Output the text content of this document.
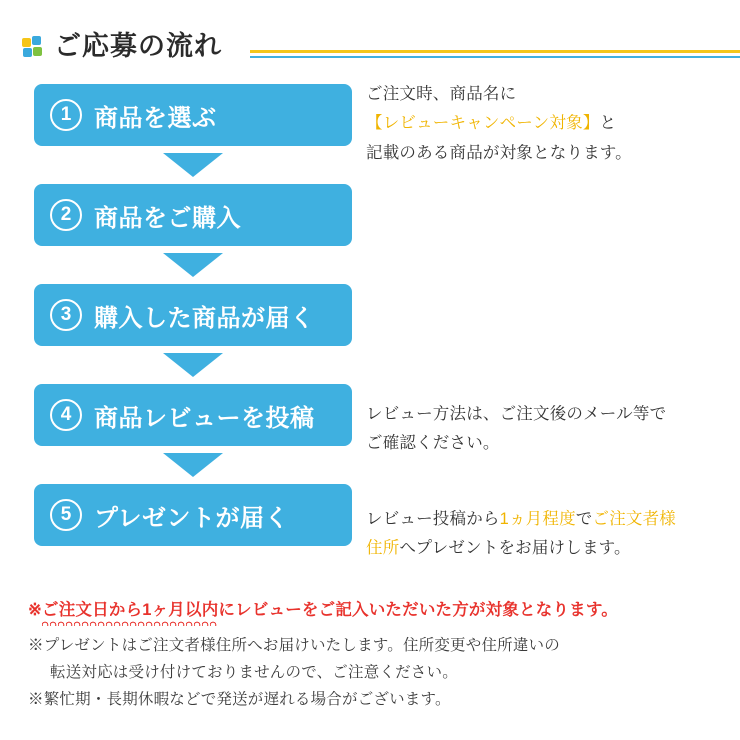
ご応募の流れ
1 商品を選ぶ
2 商品をご購入
3 購入した商品が届く
4 商品レビューを投稿
5 プレゼントが届く
ご注文時、商品名に
【レビューキャンペーン対象】と
記載のある商品が対象となります。
レビュー方法は、ご注文後のメール等で
ご確認ください。
レビュー投稿から1ヵ月程度でご注文者様
住所へプレゼントをお届けします。
※ご注文日から1ヶ月以内にレビューをご記入いただいた方が対象となります。

※プレゼントはご注文者様住所へお届けいたします。住所変更や住所違いの

転送対応は受け付けておりませんので、ご注意ください。

※繁忙期・長期休暇などで発送が遅れる場合がございます。
